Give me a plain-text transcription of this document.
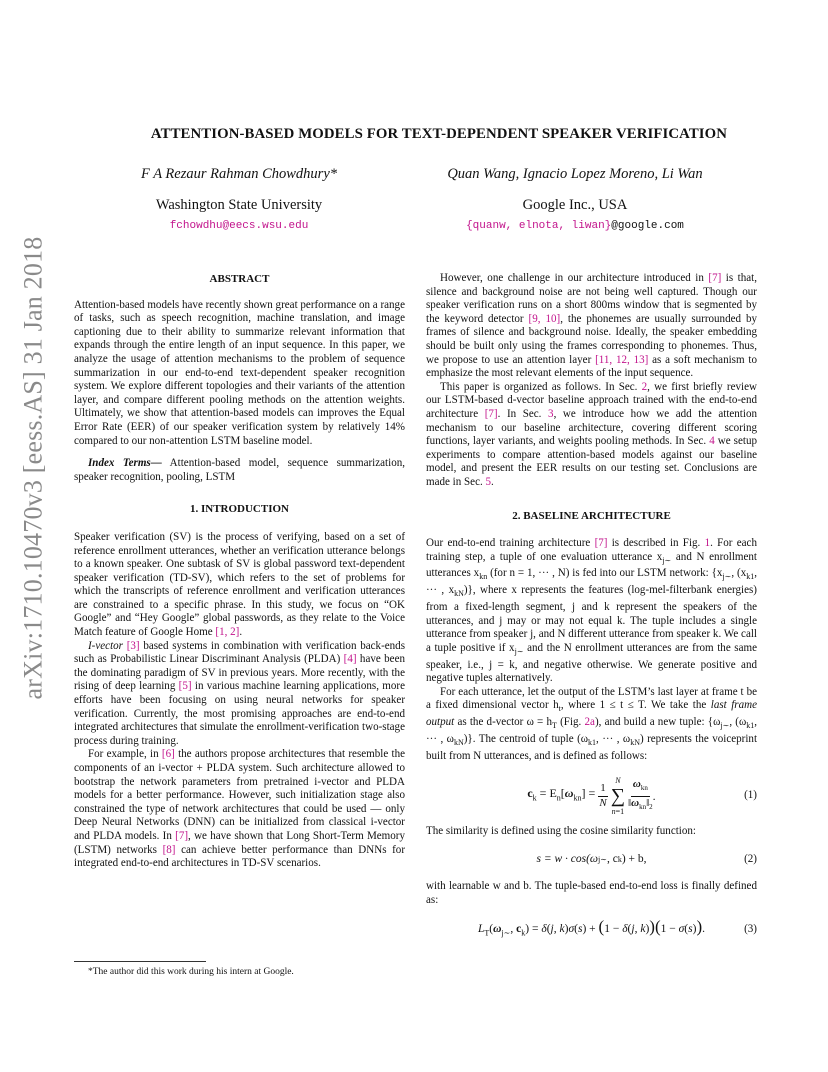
arXiv:1710.10470v3 [eess.AS] 31 Jan 2018
ATTENTION-BASED MODELS FOR TEXT-DEPENDENT SPEAKER VERIFICATION
F A Rezaur Rahman Chowdhury*
Washington State University
fchowdhu@eecs.wsu.edu
Quan Wang, Ignacio Lopez Moreno, Li Wan
Google Inc., USA
{quanw, elnota, liwan}@google.com

ABSTRACT

Attention-based models have recently shown great performance on a range of tasks, such as speech recognition, machine translation, and image captioning due to their ability to summarize relevant information that expands through the entire length of an input sequence. In this paper, we analyze the usage of attention mechanisms to the problem of sequence summarization in our end-to-end text-dependent speaker recognition system. We explore different topologies and their variants of the attention layer, and compare different pooling methods on the attention weights. Ultimately, we show that attention-based models can improves the Equal Error Rate (EER) of our speaker verification system by relatively 14% compared to our non-attention LSTM baseline model.

Index Terms— Attention-based model, sequence summarization, speaker recognition, pooling, LSTM

1. INTRODUCTION

Speaker verification (SV) is the process of verifying, based on a set of reference enrollment utterances, whether an verification utterance belongs to a known speaker. One subtask of SV is global password text-dependent speaker verification (TD-SV), which refers to the set of problems for which the transcripts of reference enrollment and verification utterances are constrained to a specific phrase. In this study, we focus on “OK Google” and “Hey Google” global passwords, as they relate to the Voice Match feature of Google Home [1, 2].

I-vector [3] based systems in combination with verification back-ends such as Probabilistic Linear Discriminant Analysis (PLDA) [4] have been the dominating paradigm of SV in previous years. More recently, with the rising of deep learning [5] in various machine learning applications, more efforts have been focusing on using neural networks for speaker verification. Currently, the most promising approaches are end-to-end integrated architectures that simulate the enrollment-verification two-stage process during training.

For example, in [6] the authors propose architectures that resemble the components of an i-vector + PLDA system. Such architecture allowed to bootstrap the network parameters from pretrained i-vector and PLDA models for a better performance. However, such initialization stage also constrained the type of network architectures that could be used — only Deep Neural Networks (DNN) can be initialized from classical i-vector and PLDA models. In [7], we have shown that Long Short-Term Memory (LSTM) networks [8] can achieve better performance than DNNs for integrated end-to-end architectures in TD-SV scenarios.

*The author did this work during his intern at Google.

However, one challenge in our architecture introduced in [7] is that, silence and background noise are not being well captured. Though our speaker verification runs on a short 800ms window that is segmented by the keyword detector [9, 10], the phonemes are usually surrounded by frames of silence and background noise. Ideally, the speaker embedding should be built only using the frames corresponding to phonemes. Thus, we propose to use an attention layer [11, 12, 13] as a soft mechanism to emphasize the most relevant elements of the input sequence.

This paper is organized as follows. In Sec. 2, we first briefly review our LSTM-based d-vector baseline approach trained with the end-to-end architecture [7]. In Sec. 3, we introduce how we add the attention mechanism to our baseline architecture, covering different scoring functions, layer variants, and weights pooling methods. In Sec. 4 we setup experiments to compare attention-based models against our baseline model, and present the EER results on our testing set. Conclusions are made in Sec. 5.

2. BASELINE ARCHITECTURE

Our end-to-end training architecture [7] is described in Fig. 1. For each training step, a tuple of one evaluation utterance $x_{j\sim}$ and N enrollment utterances $x_{kn}$ (for n = 1, ··· , N) is fed into our LSTM network: {$x_{j\sim}$, ($x_{k1}$, ··· , $x_{kN}$)}, where x represents the features (log-mel-filterbank energies) from a fixed-length segment, j and k represent the speakers of the utterances, and j may or may not equal k. The tuple includes a single utterance from speaker j, and N different utterance from speaker k. We call a tuple positive if $x_{j\sim}$ and the N enrollment utterances are from the same speaker, i.e., j = k, and negative otherwise. We generate positive and negative tuples alternatively.

For each utterance, let the output of the LSTM’s last layer at frame t be a fixed dimensional vector $h_t$, where 1 ≤ t ≤ T. We take the last frame output as the d-vector $\omega = h_T$ (Fig. 2a), and build a new tuple: {$\omega_{j\sim}$, ($\omega_{k1}$, ··· , $\omega_{kN}$)}. The centroid of tuple ($\omega_{k1}$, ··· , $\omega_{kN}$) represents the voiceprint built from N utterances, and is defined as follows:

$c_k = E_n[\omega_{kn}] = \frac{1}{N}$
N
∑
n=1
$\omega_{kn}$
$‖\omega_{kn}‖_2$
.	(1)

The similarity is defined using the cosine similarity function:

s = w · cos(ω j∼ , c k ) + b,	(2)

with learnable w and b. The tuple-based end-to-end loss is finally defined as:

$L_T(\omega_{j\sim}$, $c_k) = \delta(j$, k)σ(s) + (1 − δ(j, k))(1 − σ(s)).	(3)
